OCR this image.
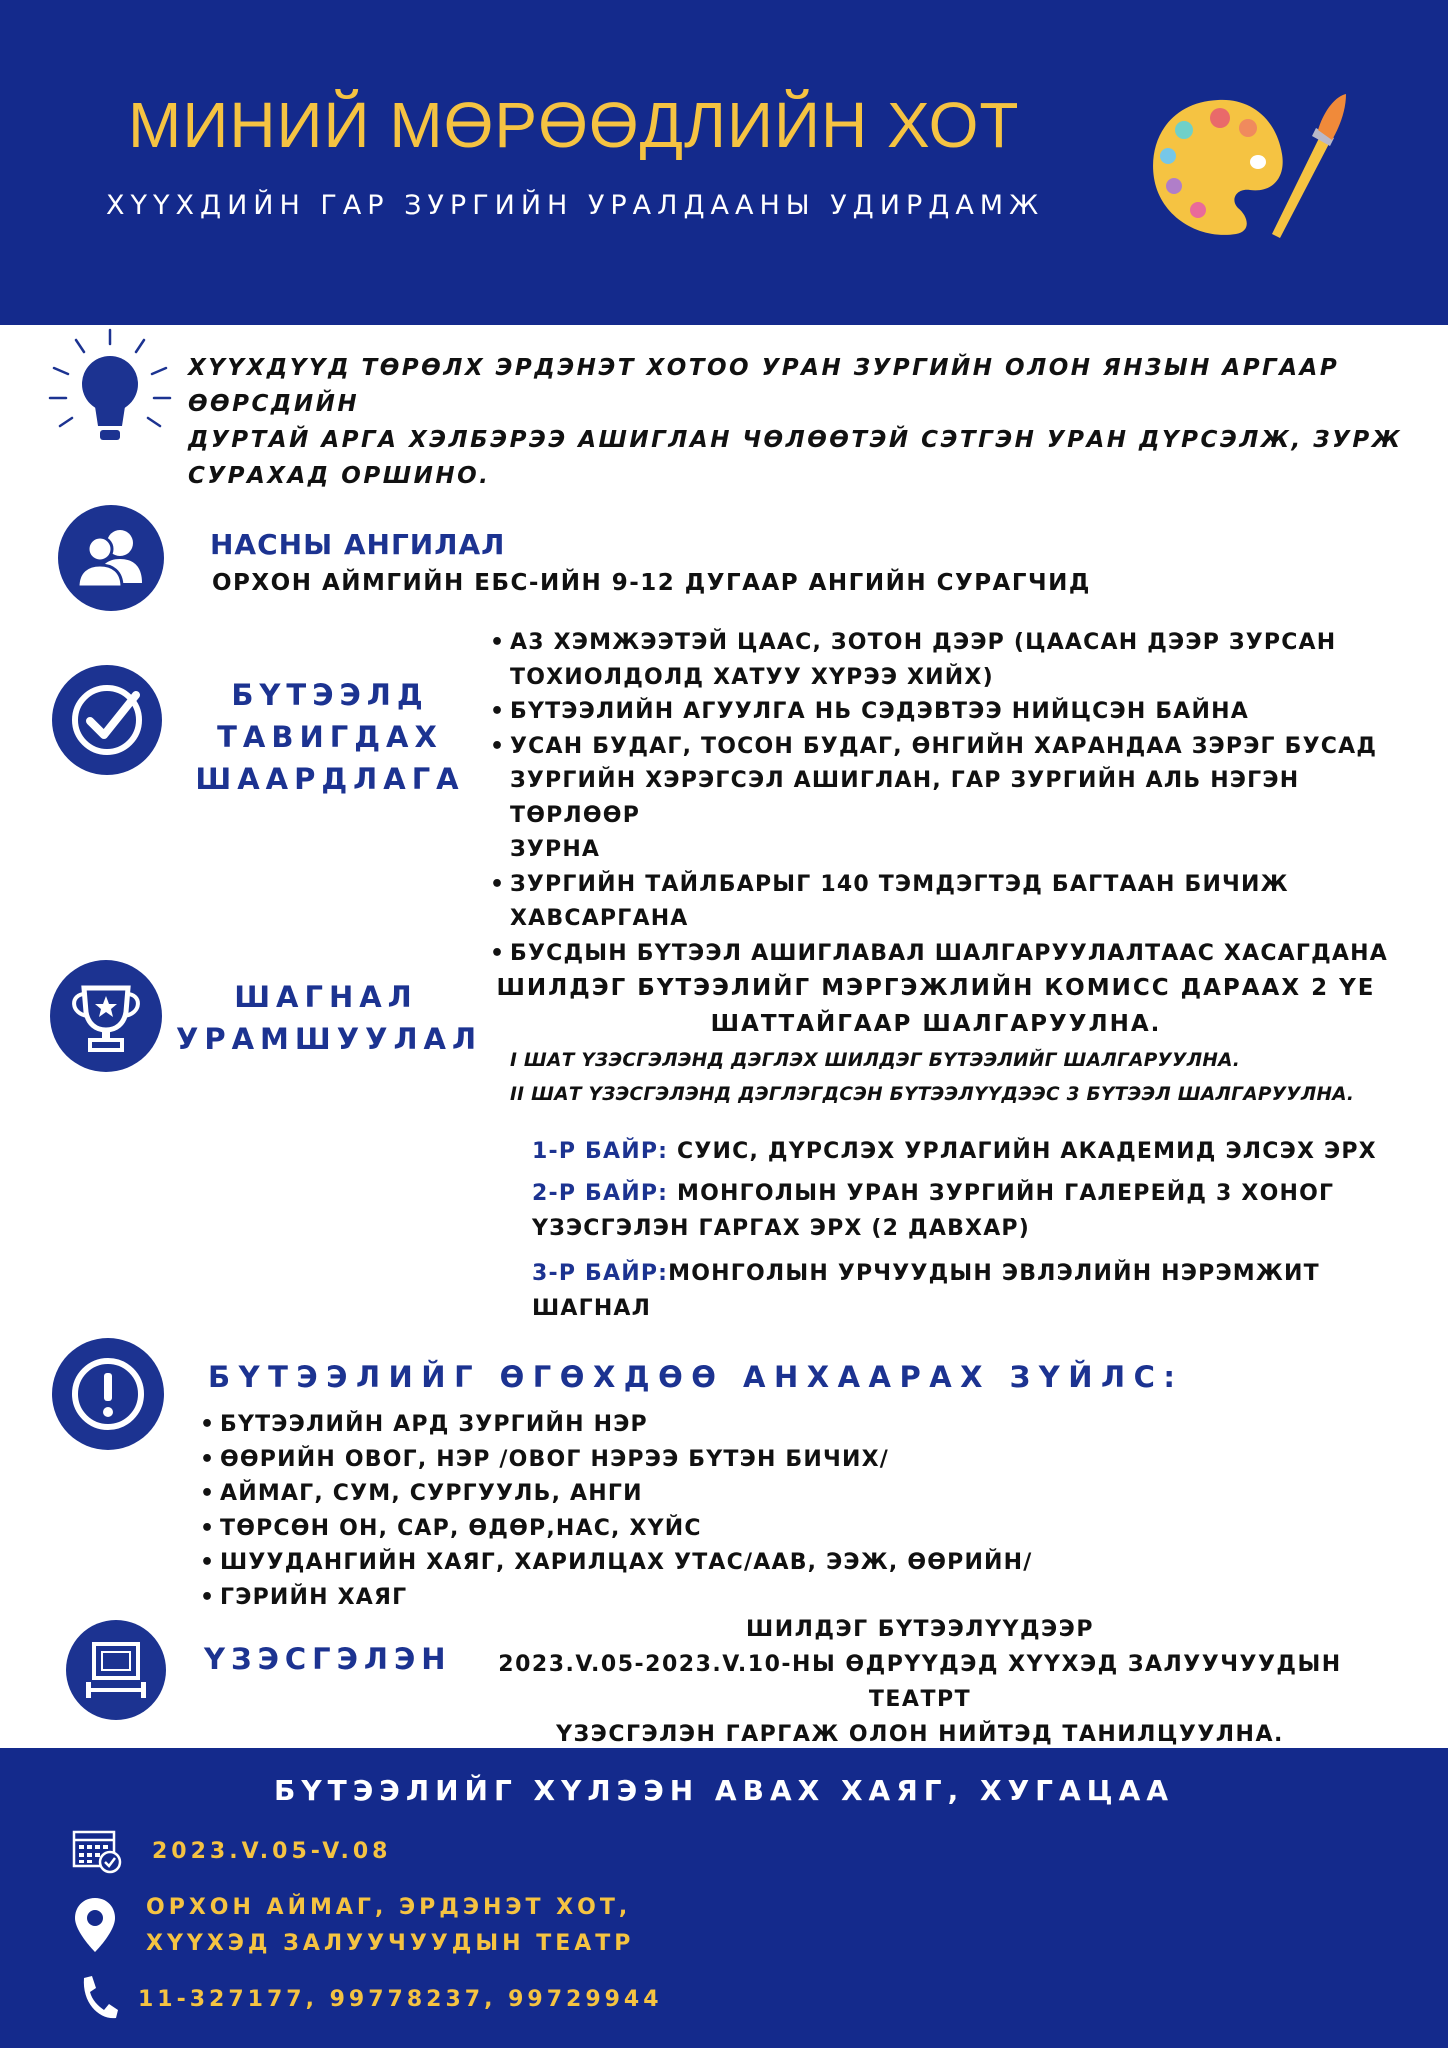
МИНИЙ МӨРӨӨДЛИЙН ХОТ
ХҮҮХДИЙН ГАР ЗУРГИЙН УРАЛДААНЫ УДИРДАМЖ
ХҮҮХДҮҮД ТӨРӨЛХ ЭРДЭНЭТ ХОТОО УРАН ЗУРГИЙН ОЛОН ЯНЗЫН АРГААР ӨӨРСДИЙН
ДУРТАЙ АРГА ХЭЛБЭРЭЭ АШИГЛАН ЧӨЛӨӨТЭЙ СЭТГЭН УРАН ДҮРСЭЛЖ, ЗУРЖ
СУРАХАД ОРШИНО.
НАСНЫ АНГИЛАЛ
ОРХОН АЙМГИЙН ЕБС-ИЙН 9-12 ДУГААР АНГИЙН СУРАГЧИД
БҮТЭЭЛД
ТАВИГДАХ
ШААРДЛАГА
• А3 ХЭМЖЭЭТЭЙ ЦААС, ЗОТОН ДЭЭР (ЦААСАН ДЭЭР ЗУРСАН
ТОХИОЛДОЛД ХАТУУ ХҮРЭЭ ХИЙХ)
• БҮТЭЭЛИЙН АГУУЛГА НЬ СЭДЭВТЭЭ НИЙЦСЭН БАЙНА
• УСАН БУДАГ, ТОСОН БУДАГ, ӨНГИЙН ХАРАНДАА ЗЭРЭГ БУСАД
ЗУРГИЙН ХЭРЭГСЭЛ АШИГЛАН, ГАР ЗУРГИЙН АЛЬ НЭГЭН ТӨРЛӨӨР
ЗУРНА
• ЗУРГИЙН ТАЙЛБАРЫГ 140 ТЭМДЭГТЭД БАГТААН БИЧИЖ
ХАВСАРГАНА
• БУСДЫН БҮТЭЭЛ АШИГЛАВАЛ ШАЛГАРУУЛАЛТААС ХАСАГДАНА
ШАГНАЛ
УРАМШУУЛАЛ
ШИЛДЭГ БҮТЭЭЛИЙГ МЭРГЭЖЛИЙН КОМИСС ДАРААХ 2 ҮЕ
ШАТТАЙГААР ШАЛГАРУУЛНА.
I ШАТ ҮЗЭСГЭЛЭНД ДЭГЛЭХ ШИЛДЭГ БҮТЭЭЛИЙГ ШАЛГАРУУЛНА.
II ШАТ ҮЗЭСГЭЛЭНД ДЭГЛЭГДСЭН БҮТЭЭЛҮҮДЭЭС 3 БҮТЭЭЛ ШАЛГАРУУЛНА.
1-Р БАЙР: СУИС, ДҮРСЛЭХ УРЛАГИЙН АКАДЕМИД ЭЛСЭХ ЭРХ
2-Р БАЙР: МОНГОЛЫН УРАН ЗУРГИЙН ГАЛЕРЕЙД 3 ХОНОГ
ҮЗЭСГЭЛЭН ГАРГАХ ЭРХ (2 ДАВХАР)
3-Р БАЙР:МОНГОЛЫН УРЧУУДЫН ЭВЛЭЛИЙН НЭРЭМЖИТ
ШАГНАЛ
БҮТЭЭЛИЙГ ӨГӨХДӨӨ АНХААРАХ ЗҮЙЛС:
• БҮТЭЭЛИЙН АРД ЗУРГИЙН НЭР
• ӨӨРИЙН ОВОГ, НЭР /ОВОГ НЭРЭЭ БҮТЭН БИЧИХ/
• АЙМАГ, СУМ, СУРГУУЛЬ, АНГИ
• ТӨРСӨН ОН, САР, ӨДӨР,НАС, ХҮЙС
• ШУУДАНГИЙН ХАЯГ, ХАРИЛЦАХ УТАС/ААВ, ЭЭЖ, ӨӨРИЙН/
• ГЭРИЙН ХАЯГ
ҮЗЭСГЭЛЭН
ШИЛДЭГ БҮТЭЭЛҮҮДЭЭР
2023.V.05-2023.V.10-НЫ ӨДРҮҮДЭД ХҮҮХЭД ЗАЛУУЧУУДЫН ТЕАТРТ
ҮЗЭСГЭЛЭН ГАРГАЖ ОЛОН НИЙТЭД ТАНИЛЦУУЛНА.
БҮТЭЭЛИЙГ ХҮЛЭЭН АВАХ ХАЯГ, ХУГАЦАА
2023.V.05-V.08
ОРХОН АЙМАГ, ЭРДЭНЭТ ХОТ,
ХҮҮХЭД ЗАЛУУЧУУДЫН ТЕАТР
11-327177, 99778237, 99729944
